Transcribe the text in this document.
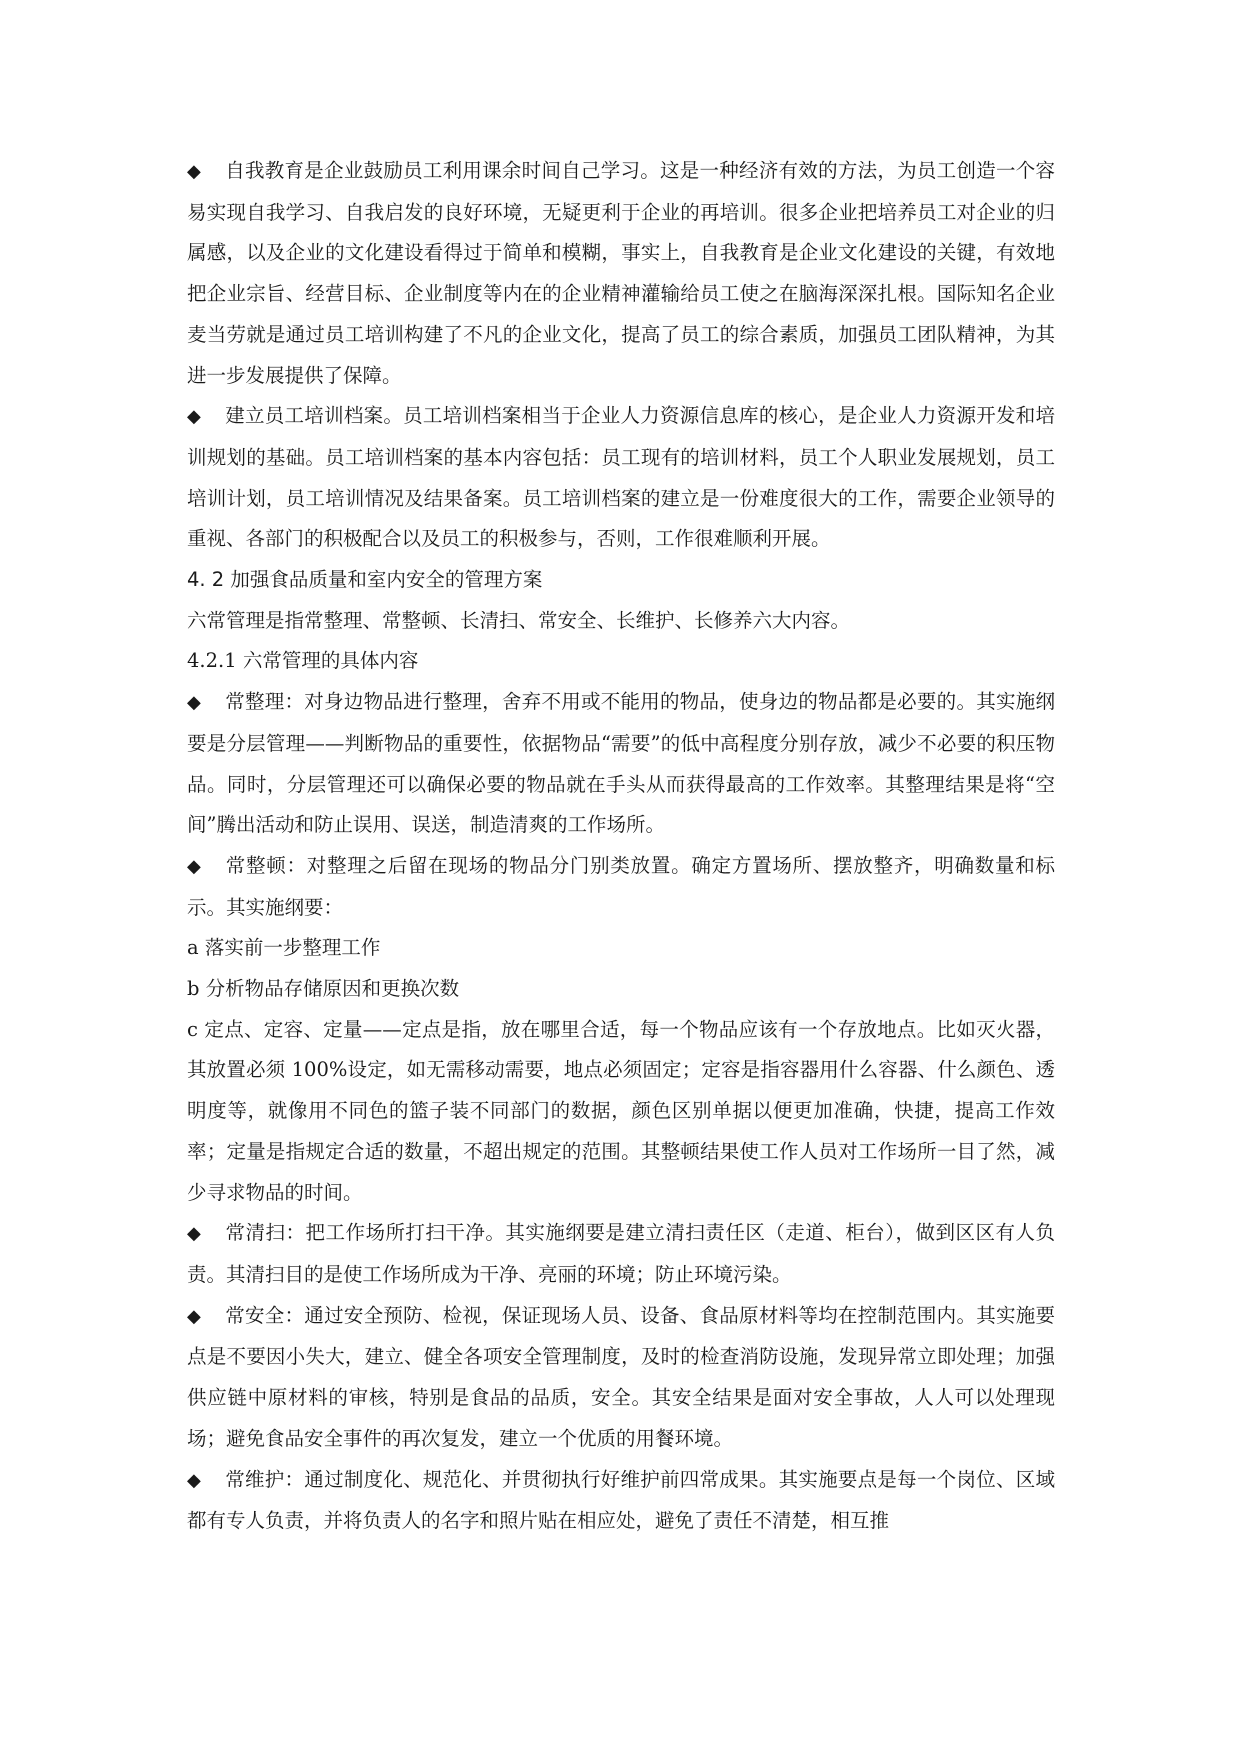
◆ 自我教育是企业鼓励员工利用课余时间自己学习。这是一种经济有效的方法，为员工创造一个容易实现自我学习、自我启发的良好环境，无疑更利于企业的再培训。很多企业把培养员工对企业的归属感，以及企业的文化建设看得过于简单和模糊，事实上，自我教育是企业文化建设的关键，有效地把企业宗旨、经营目标、企业制度等内在的企业精神灌输给员工使之在脑海深深扎根。国际知名企业麦当劳就是通过员工培训构建了不凡的企业文化，提高了员工的综合素质，加强员工团队精神，为其进一步发展提供了保障。

◆ 建立员工培训档案。员工培训档案相当于企业人力资源信息库的核心，是企业人力资源开发和培训规划的基础。员工培训档案的基本内容包括：员工现有的培训材料，员工个人职业发展规划，员工培训计划，员工培训情况及结果备案。员工培训档案的建立是一份难度很大的工作，需要企业领导的重视、各部门的积极配合以及员工的积极参与，否则，工作很难顺利开展。

4. 2 加强食品质量和室内安全的管理方案

六常管理是指常整理、常整顿、长清扫、常安全、长维护、长修养六大内容。

4.2.1 六常管理的具体内容

◆ 常整理：对身边物品进行整理，舍弃不用或不能用的物品，使身边的物品都是必要的。其实施纲要是分层管理——判断物品的重要性，依据物品“需要”的低中高程度分别存放，减少不必要的积压物品。同时，分层管理还可以确保必要的物品就在手头从而获得最高的工作效率。其整理结果是将“空间”腾出活动和防止误用、误送，制造清爽的工作场所。

◆ 常整顿：对整理之后留在现场的物品分门别类放置。确定方置场所、摆放整齐，明确数量和标示。其实施纲要：

a 落实前一步整理工作

b 分析物品存储原因和更换次数

c 定点、定容、定量——定点是指，放在哪里合适，每一个物品应该有一个存放地点。比如灭火器，其放置必须 100%设定，如无需移动需要，地点必须固定；定容是指容器用什么容器、什么颜色、透明度等，就像用不同色的篮子装不同部门的数据，颜色区别单据以便更加准确，快捷，提高工作效率；定量是指规定合适的数量，不超出规定的范围。其整顿结果使工作人员对工作场所一目了然，减少寻求物品的时间。

◆ 常清扫：把工作场所打扫干净。其实施纲要是建立清扫责任区（走道、柜台），做到区区有人负责。其清扫目的是使工作场所成为干净、亮丽的环境；防止环境污染。

◆ 常安全：通过安全预防、检视，保证现场人员、设备、食品原材料等均在控制范围内。其实施要点是不要因小失大，建立、健全各项安全管理制度，及时的检查消防设施，发现异常立即处理；加强供应链中原材料的审核，特别是食品的品质，安全。其安全结果是面对安全事故，人人可以处理现场；避免食品安全事件的再次复发，建立一个优质的用餐环境。

◆ 常维护：通过制度化、规范化、并贯彻执行好维护前四常成果。其实施要点是每一个岗位、区域都有专人负责，并将负责人的名字和照片贴在相应处，避免了责任不清楚，相互推
